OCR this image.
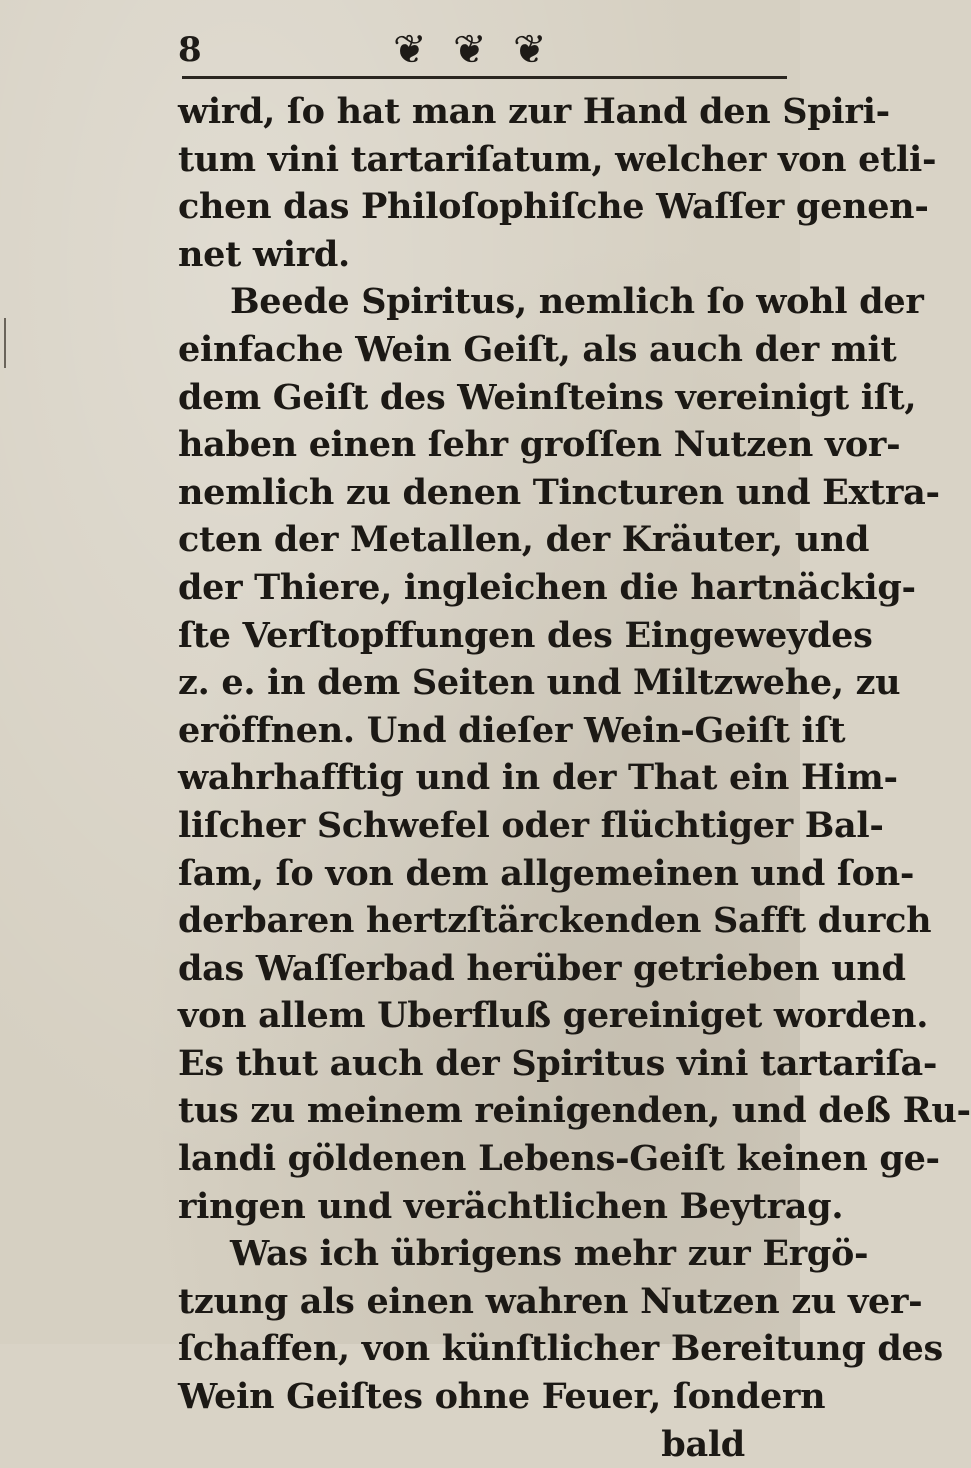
8	❦ ❦ ❦
wird, ſo hat man zur Hand den Spiri-
tum vini tartariſatum, welcher von etli-
chen das Philoſophiſche Waſſer genen-
net wird.
Beede Spiritus, nemlich ſo wohl der
einfache Wein Geiſt, als auch der mit
dem Geiſt des Weinſteins vereinigt iſt,
haben einen ſehr groſſen Nutzen vor-
nemlich zu denen Tincturen und Extra-
cten der Metallen, der Kräuter, und
der Thiere, ingleichen die hartnäckig-
ſte Verſtopffungen des Eingeweydes
z. e. in dem Seiten und Miltzwehe, zu
eröffnen. Und dieſer Wein-Geiſt iſt
wahrhafftig und in der That ein Him-
liſcher Schwefel oder flüchtiger Bal-
ſam, ſo von dem allgemeinen und ſon-
derbaren hertzſtärckenden Safft durch
das Waſſerbad herüber getrieben und
von allem Uberfluß gereiniget worden.
Es thut auch der Spiritus vini tartariſa-
tus zu meinem reinigenden, und deß Ru-
landi göldenen Lebens-Geiſt keinen ge-
ringen und verächtlichen Beytrag.
Was ich übrigens mehr zur Ergö-
tzung als einen wahren Nutzen zu ver-
ſchaffen, von künſtlicher Bereitung des
Wein Geiſtes ohne Feuer, ſondern
bald
